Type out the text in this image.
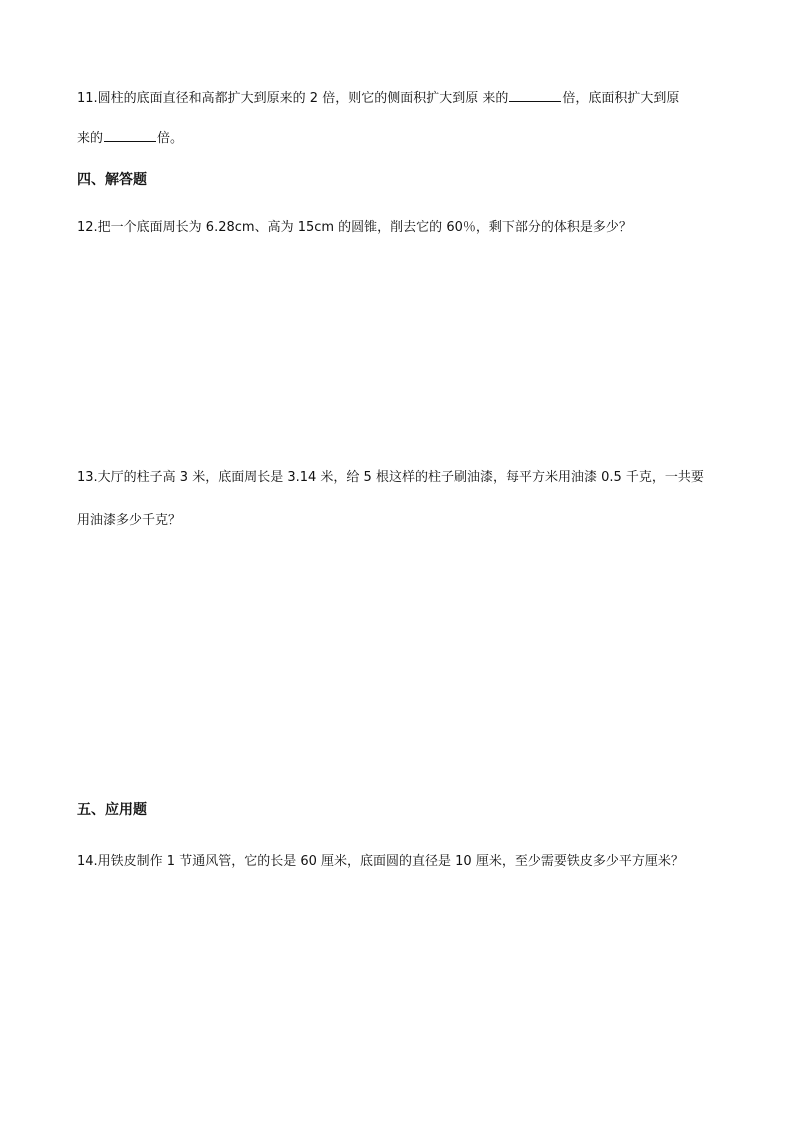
11.圆柱的底面直径和高都扩大到原来的 2 倍，则它的侧面积扩大到原 来的	倍，底面积扩大到原
来的	倍。
四、解答题
12.把一个底面周长为 6.28cm、高为 15cm 的圆锥，削去它的 60％，剩下部分的体积是多少？
13.大厅的柱子高 3 米，底面周长是 3.14 米，给 5 根这样的柱子刷油漆，每平方米用油漆 0.5 千克，一共要
用油漆多少千克？
五、应用题
14.用铁皮制作 1 节通风管，它的长是 60 厘米，底面圆的直径是 10 厘米，至少需要铁皮多少平方厘米？
